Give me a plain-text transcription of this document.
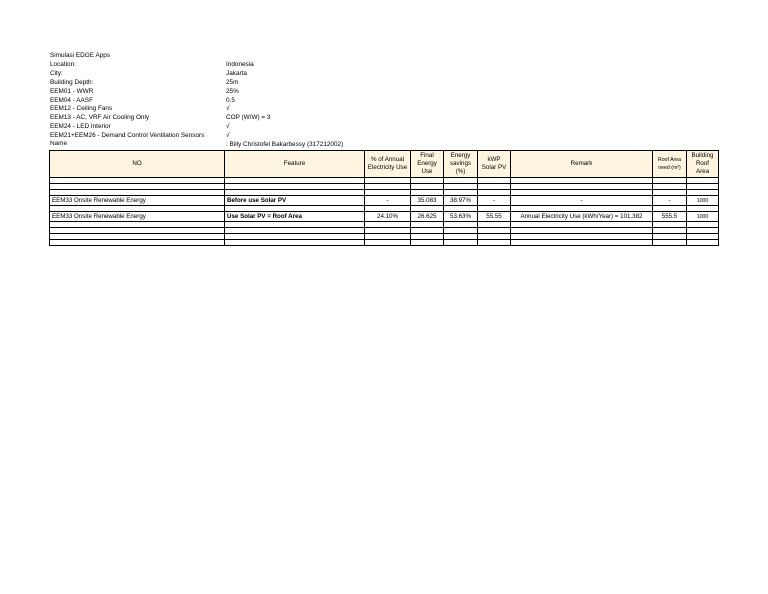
Simulasi EDGE Apps
Location:	Indonesia
City:	Jakarta
Building Depth:	25m
EEM01 - WWR	25%
EEM04 - AASF	0.5
EEM12 - Ceiling Fans	√
EEM13 - AC, VRF Air Cooling Only	COP (W/W) = 3
EEM24 - LED Interior	√
EEM21+EEM26 - Demand Control Ventilation Sensors	√
Name	: Billy Christofel Bakarbessy (317212002)
NO	Feature	% of Annual Electricity Use	Final Energy Use	Energy savings (%)	kWP Solar PV	Remark	Roof Area need (m²)	Building Roof Area

EEM33 Onsite Renewable Energy	Before use Solar PV	-	35.083	38.97%	-	-	-	1000

EEM33 Onsite Renewable Energy	Use Solar PV = Roof Area	24.10%	26.625	53.63%	55.55	Annual Electricity Use (kWh/Year) = 101.382	555.5	1000
